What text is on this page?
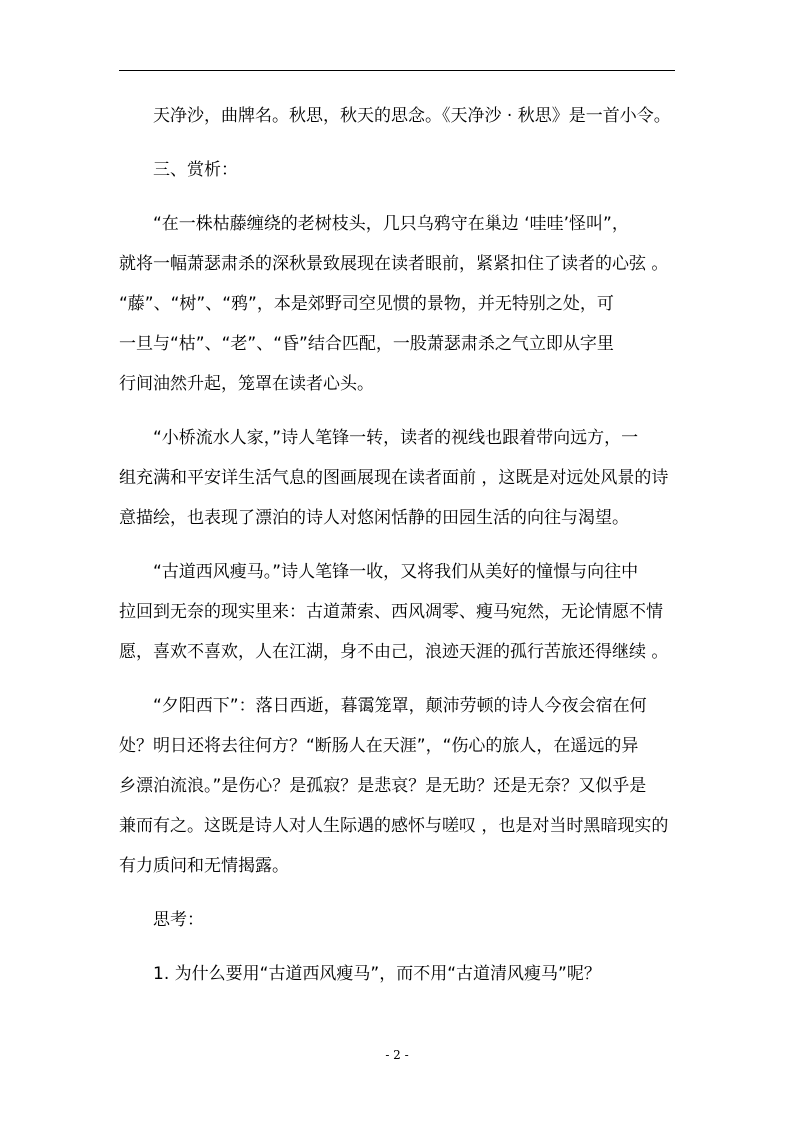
天净沙，曲牌名。秋思，秋天的思念。《天净沙 · 秋思》是一首小令。

三、赏析：

“在一株枯藤缠绕的老树枝头，几只乌鸦守在巢边 ‘哇哇’怪叫”，
就将一幅萧瑟肃杀的深秋景致展现在读者眼前，紧紧扣住了读者的心弦 。
“藤”、“树”、“鸦”，本是郊野司空见惯的景物，并无特别之处，可
一旦与“枯”、“老”、“昏”结合匹配，一股萧瑟肃杀之气立即从字里
行间油然升起，笼罩在读者心头。

“小桥流水人家，”诗人笔锋一转，读者的视线也跟着带向远方，一
组充满和平安详生活气息的图画展现在读者面前 ，这既是对远处风景的诗
意描绘，也表现了漂泊的诗人对悠闲恬静的田园生活的向往与渴望。

“古道西风瘦马。”诗人笔锋一收，又将我们从美好的憧憬与向往中
拉回到无奈的现实里来：古道萧索、西风凋零、瘦马宛然，无论情愿不情
愿，喜欢不喜欢，人在江湖，身不由己，浪迹天涯的孤行苦旅还得继续 。

“夕阳西下”：落日西逝，暮霭笼罩，颠沛劳顿的诗人今夜会宿在何
处？明日还将去往何方？“断肠人在天涯”，“伤心的旅人，在遥远的异
乡漂泊流浪。”是伤心？是孤寂？是悲哀？是无助？还是无奈？又似乎是
兼而有之。这既是诗人对人生际遇的感怀与嗟叹 ，也是对当时黑暗现实的
有力质问和无情揭露。

思考：

1. 为什么要用“古道西风瘦马”，而不用“古道清风瘦马”呢？

- 2 -
